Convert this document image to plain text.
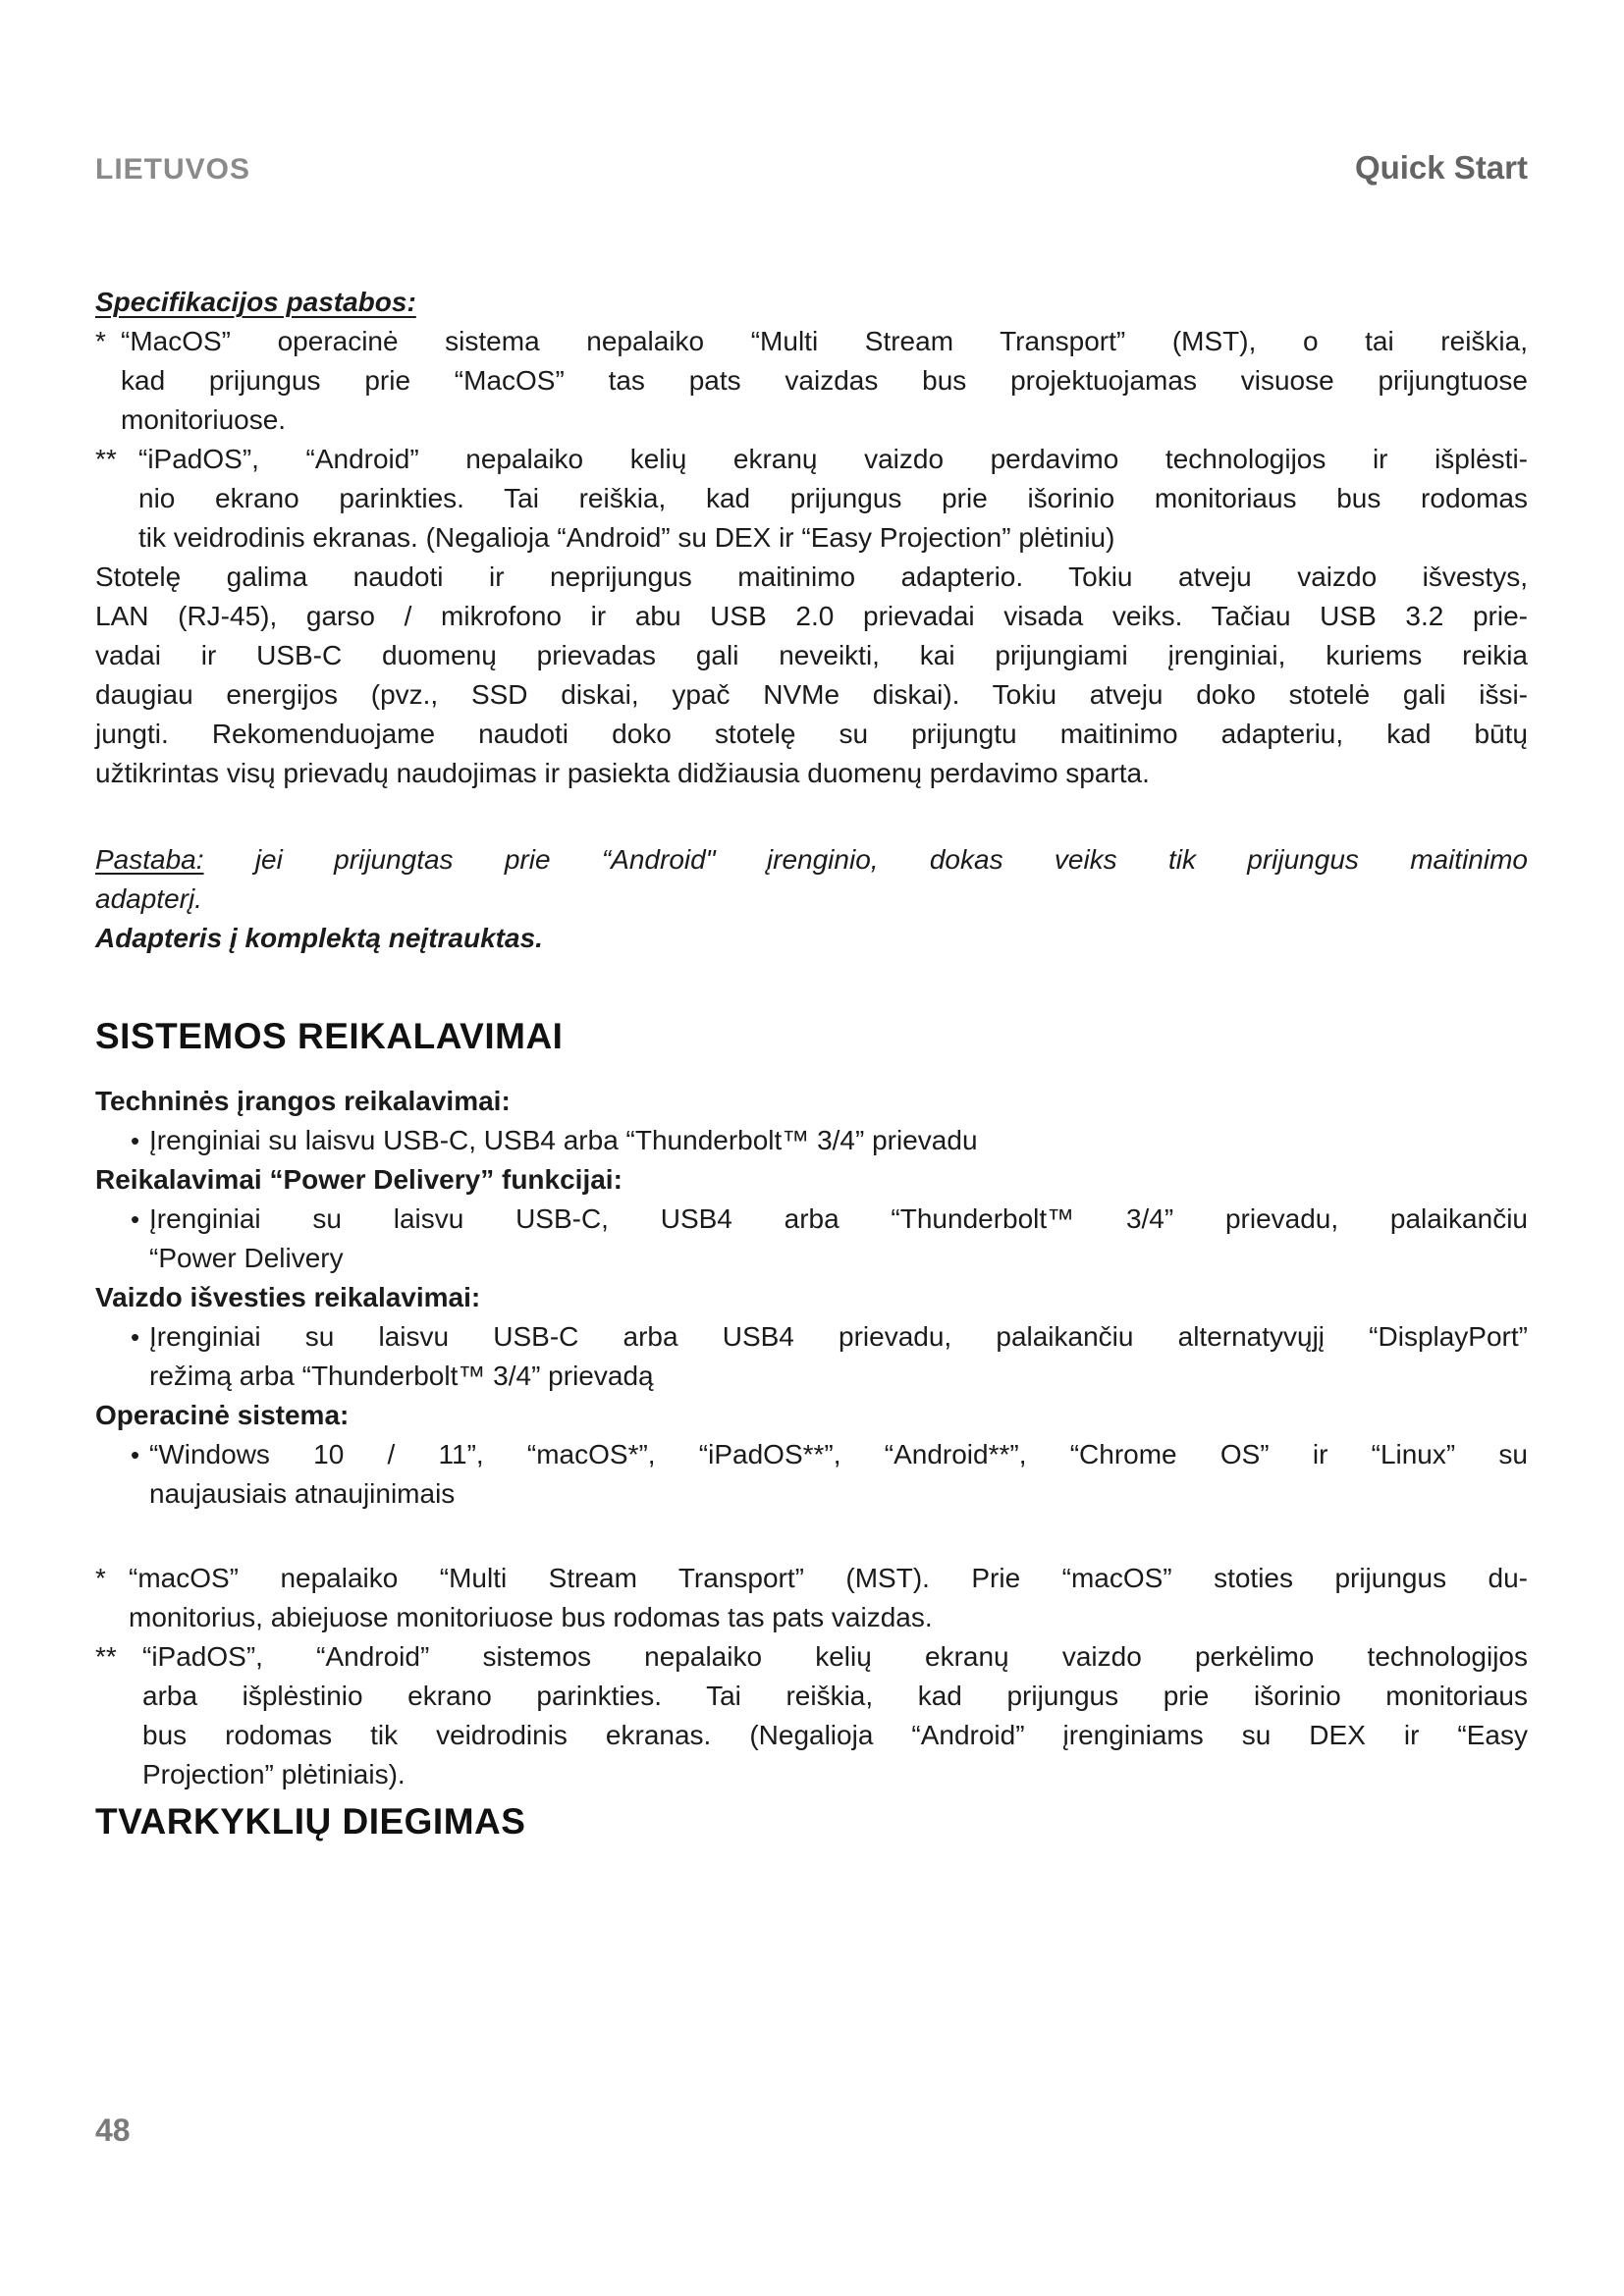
LIETUVOS	Quick Start
Specifikacijos pastabos:
* “MacOS” operacinė sistema nepalaiko “Multi Stream Transport” (MST), o tai reiškia,
kad prijungus prie “MacOS” tas pats vaizdas bus projektuojamas visuose prijungtuose
monitoriuose.
** “iPadOS”, “Android” nepalaiko kelių ekranų vaizdo perdavimo technologijos ir išplėsti-
nio ekrano parinkties. Tai reiškia, kad prijungus prie išorinio monitoriaus bus rodomas
tik veidrodinis ekranas. (Negalioja “Android” su DEX ir “Easy Projection” plėtiniu)
Stotelę galima naudoti ir neprijungus maitinimo adapterio. Tokiu atveju vaizdo išvestys,
LAN (RJ-45), garso / mikrofono ir abu USB 2.0 prievadai visada veiks. Tačiau USB 3.2 prie-
vadai ir USB-C duomenų prievadas gali neveikti, kai prijungiami įrenginiai, kuriems reikia
daugiau energijos (pvz., SSD diskai, ypač NVMe diskai). Tokiu atveju doko stotelė gali išsi-
jungti. Rekomenduojame naudoti doko stotelę su prijungtu maitinimo adapteriu, kad būtų
užtikrintas visų prievadų naudojimas ir pasiekta didžiausia duomenų perdavimo sparta.
Pastaba: jei prijungtas prie “Android" įrenginio, dokas veiks tik prijungus maitinimo
adapterį.
Adapteris į komplektą neįtrauktas.
SISTEMOS REIKALAVIMAI
Techninės įrangos reikalavimai:
• Įrenginiai su laisvu USB-C, USB4 arba “Thunderbolt™ 3/4” prievadu
Reikalavimai “Power Delivery” funkcijai:
• Įrenginiai su laisvu USB-C, USB4 arba “Thunderbolt™ 3/4” prievadu, palaikančiu
“Power Delivery
Vaizdo išvesties reikalavimai:
• Įrenginiai su laisvu USB-C arba USB4 prievadu, palaikančiu alternatyvųjį “DisplayPort”
režimą arba “Thunderbolt™ 3/4” prievadą
Operacinė sistema:
• “Windows 10 / 11”, “macOS*”, “iPadOS**”, “Android**”, “Chrome OS” ir “Linux” su
naujausiais atnaujinimais
* “macOS” nepalaiko “Multi Stream Transport” (MST). Prie “macOS” stoties prijungus du-
monitorius, abiejuose monitoriuose bus rodomas tas pats vaizdas.
** “iPadOS”, “Android” sistemos nepalaiko kelių ekranų vaizdo perkėlimo technologijos
arba išplėstinio ekrano parinkties. Tai reiškia, kad prijungus prie išorinio monitoriaus
bus rodomas tik veidrodinis ekranas. (Negalioja “Android” įrenginiams su DEX ir “Easy
Projection” plėtiniais).
TVARKYKLIŲ DIEGIMAS
48
